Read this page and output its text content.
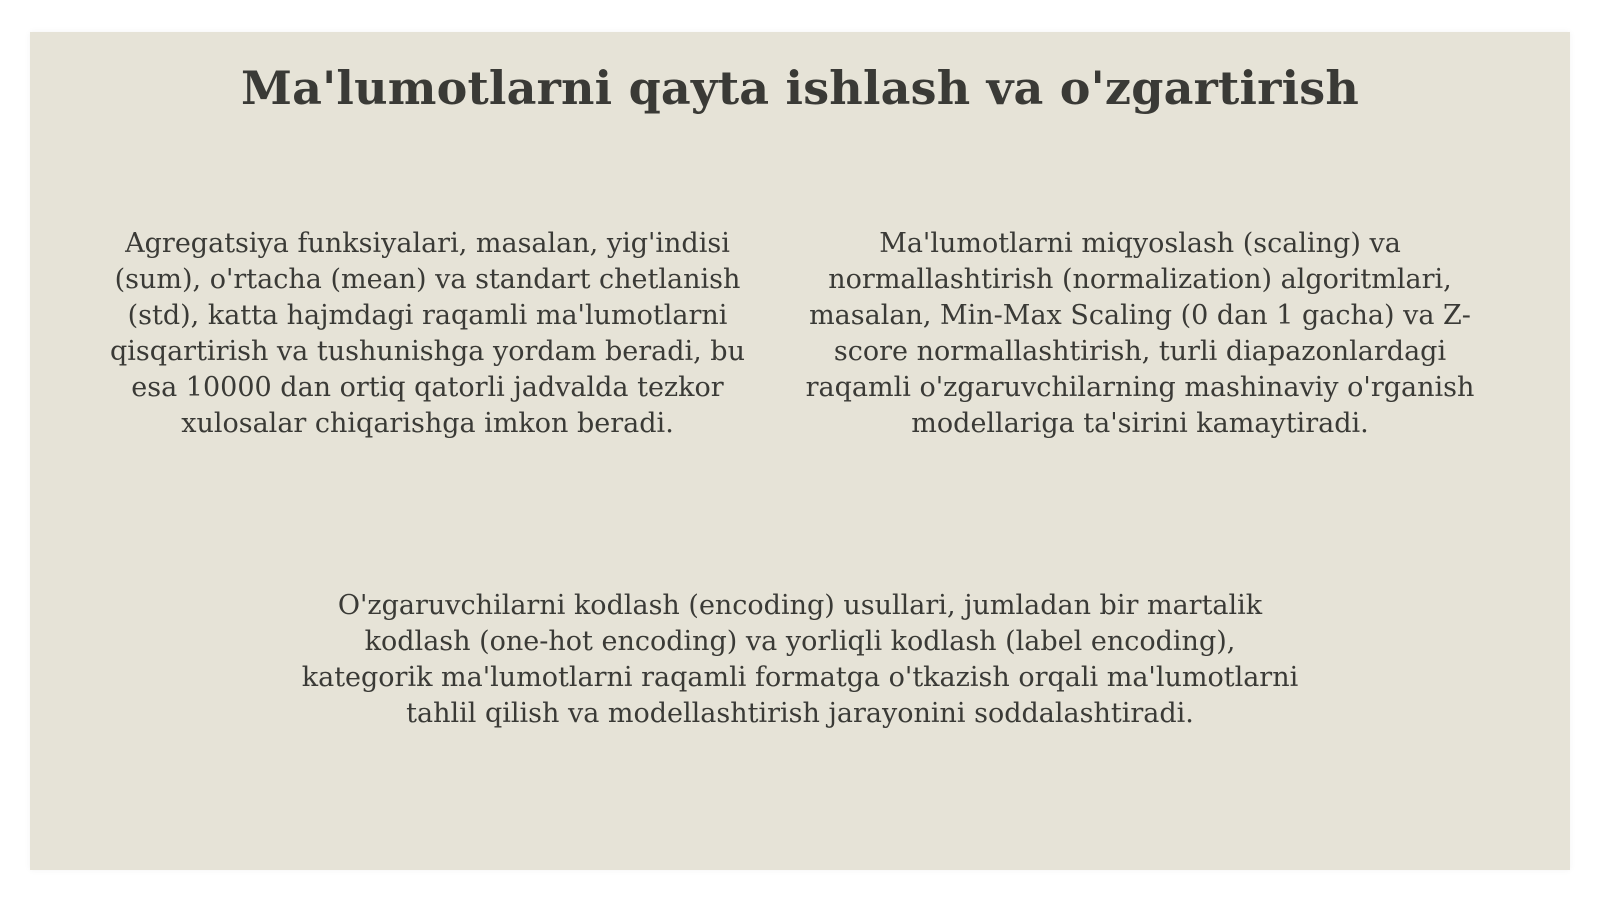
Ma'lumotlarni qayta ishlash va o'zgartirish

Agregatsiya funksiyalari, masalan, yig'indisi (sum), o'rtacha (mean) va standart chetlanish (std), katta hajmdagi raqamli ma'lumotlarni qisqartirish va tushunishga yordam beradi, bu esa 10000 dan ortiq qatorli jadvalda tezkor xulosalar chiqarishga imkon beradi.

Ma'lumotlarni miqyoslash (scaling) va normallashtirish (normalization) algoritmlari, masalan, Min-Max Scaling (0 dan 1 gacha) va Z-score normallashtirish, turli diapazonlardagi raqamli o'zgaruvchilarning mashinaviy o'rganish modellariga ta'sirini kamaytiradi.

O'zgaruvchilarni kodlash (encoding) usullari, jumladan bir martalik kodlash (one-hot encoding) va yorliqli kodlash (label encoding), kategorik ma'lumotlarni raqamli formatga o'tkazish orqali ma'lumotlarni tahlil qilish va modellashtirish jarayonini soddalashtiradi.
